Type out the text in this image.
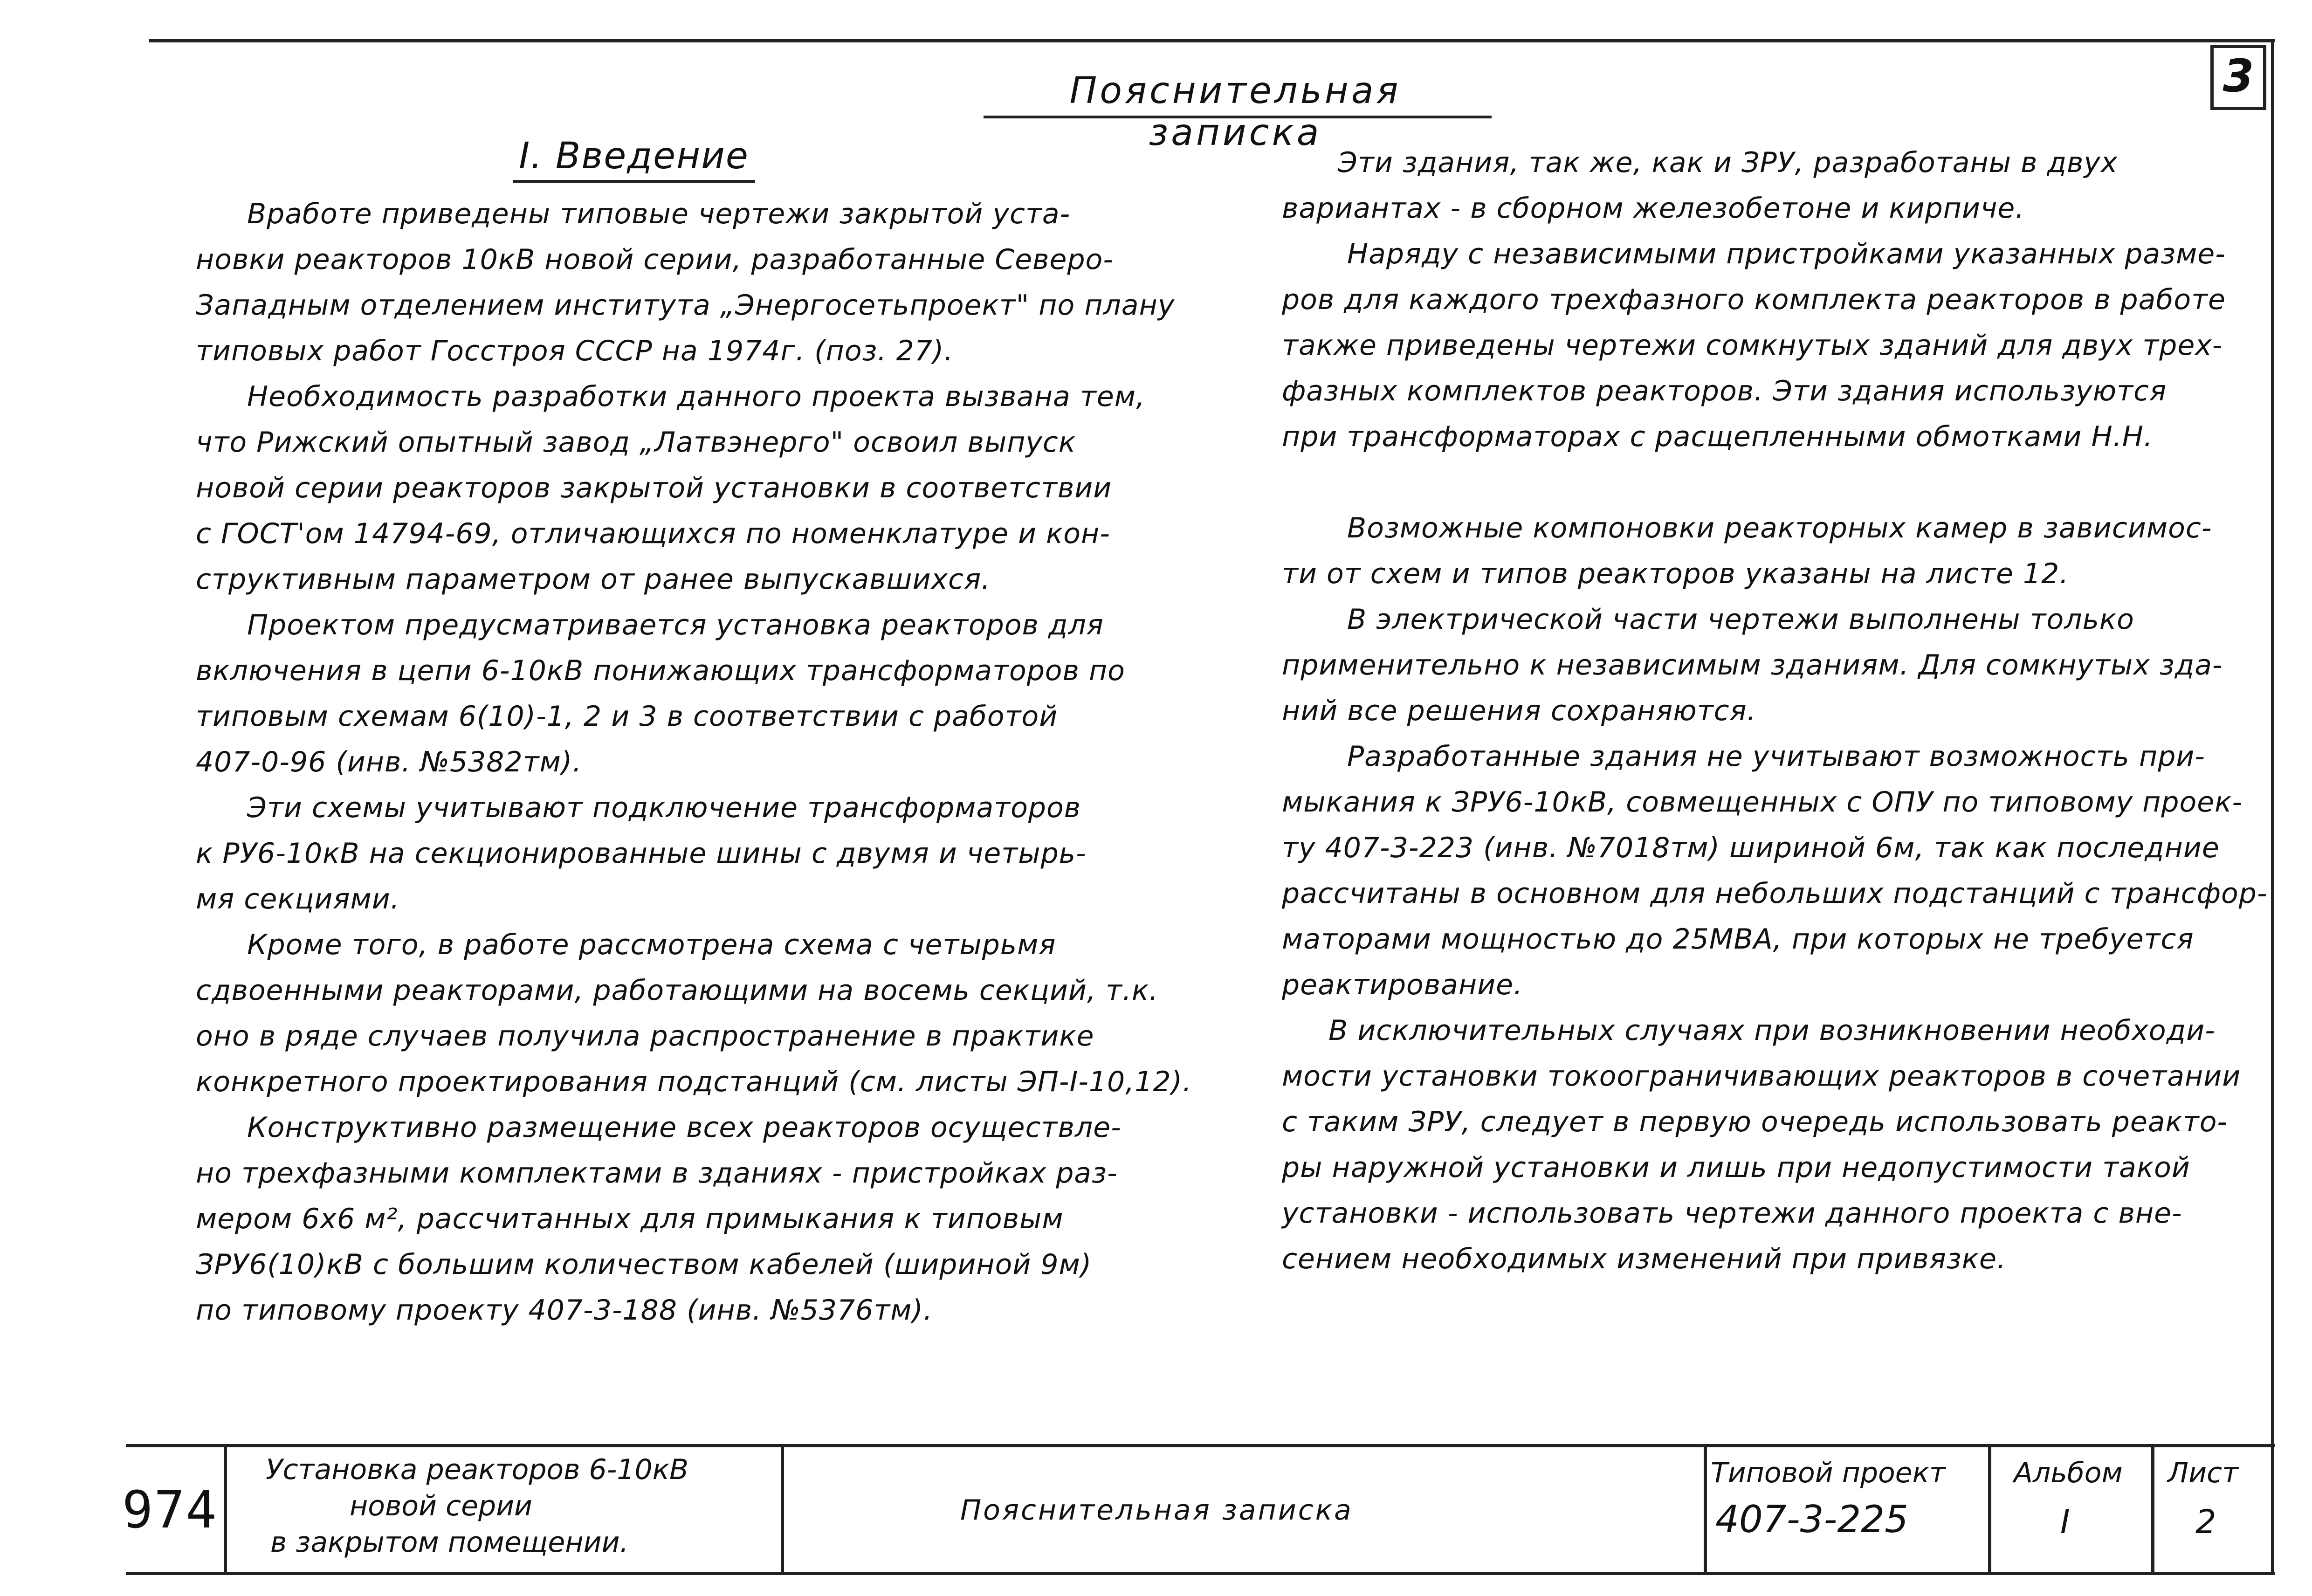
3
Пояснительная записка
I. Введение
Вработе приведены типовые чертежи закрытой уста-
новки реакторов 10кВ новой серии, разработанные Северо-
Западным отделением института „Энергосетьпроект" по плану
типовых работ Госстроя СССР на 1974г. (поз. 27).
Необходимость разработки данного проекта вызвана тем,
что Рижский опытный завод „Латвэнерго" освоил выпуск
новой серии реакторов закрытой установки в соответствии
с ГОСТ'ом 14794-69, отличающихся по номенклатуре и кон-
структивным параметром от ранее выпускавшихся.
Проектом предусматривается установка реакторов для
включения в цепи 6-10кВ понижающих трансформаторов по
типовым схемам 6(10)-1, 2 и 3 в соответствии с работой
407-0-96 (инв. №5382тм).
Эти схемы учитывают подключение трансформаторов
к РУ6-10кВ на секционированные шины с двумя и четырь-
мя секциями.
Кроме того, в работе рассмотрена схема с четырьмя
сдвоенными реакторами, работающими на восемь секций, т.к.
оно в ряде случаев получила распространение в практике
конкретного проектирования подстанций (см. листы ЭП-I-10,12).
Конструктивно размещение всех реакторов осуществле-
но трехфазными комплектами в зданиях - пристройках раз-
мером 6х6 м², рассчитанных для примыкания к типовым
ЗРУ6(10)кВ с большим количеством кабелей (шириной 9м)
по типовому проекту 407-3-188 (инв. №5376тм).
Эти здания, так же, как и ЗРУ, разработаны в двух
вариантах - в сборном железобетоне и кирпиче.
Наряду с независимыми пристройками указанных разме-
ров для каждого трехфазного комплекта реакторов в работе
также приведены чертежи сомкнутых зданий для двух трех-
фазных комплектов реакторов. Эти здания используются
при трансформаторах с расщепленными обмотками Н.Н.
Возможные компоновки реакторных камер в зависимос-
ти от схем и типов реакторов указаны на листе 12.
В электрической части чертежи выполнены только
применительно к независимым зданиям. Для сомкнутых зда-
ний все решения сохраняются.
Разработанные здания не учитывают возможность при-
мыкания к ЗРУ6-10кВ, совмещенных с ОПУ по типовому проек-
ту 407-3-223 (инв. №7018тм) шириной 6м, так как последние
рассчитаны в основном для небольших подстанций с трансфор-
маторами мощностью до 25МВА, при которых не требуется
реактирование.
В исключительных случаях при возникновении необходи-
мости установки токоограничивающих реакторов в сочетании
с таким ЗРУ, следует в первую очередь использовать реакто-
ры наружной установки и лишь при недопустимости такой
установки - использовать чертежи данного проекта с вне-
сением необходимых изменений при привязке.
974
Установка реакторов 6-10кВ
новой серии
в закрытом помещении.
Пояснительная записка
Типовой проект
407-3-225
Альбом
I
Лист
2
